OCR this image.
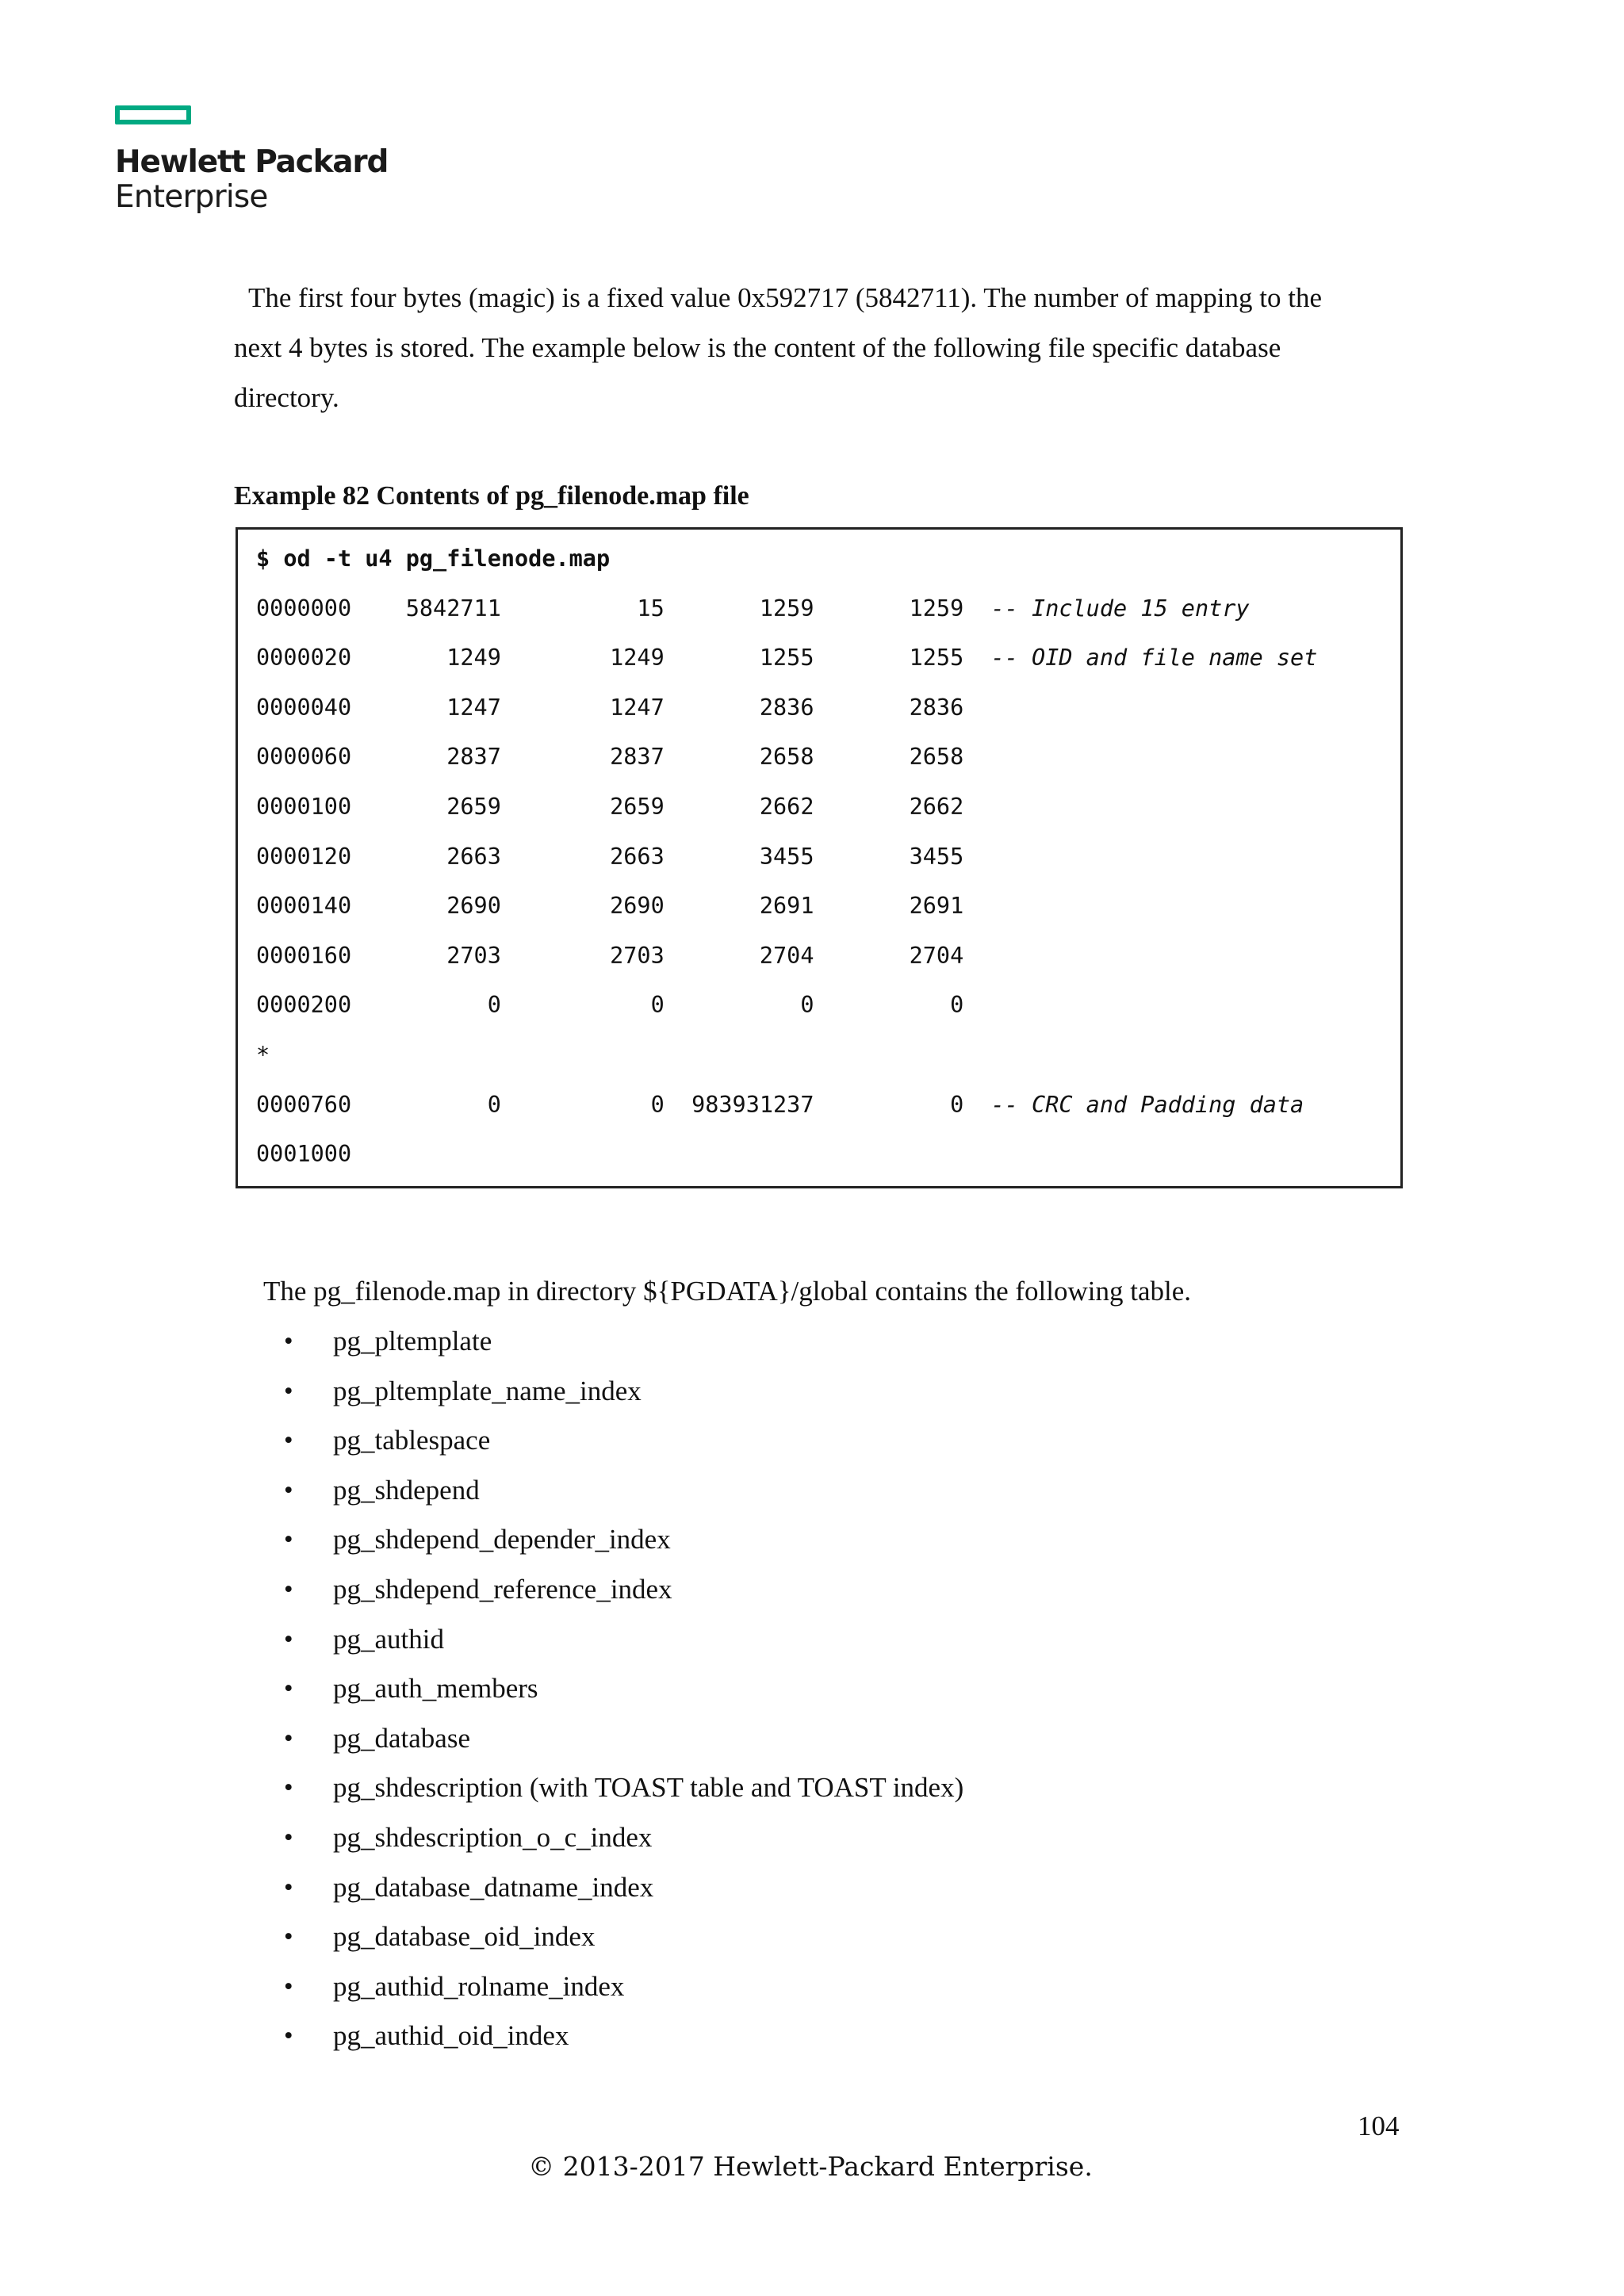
Hewlett Packard
Enterprise
The first four bytes (magic) is a fixed value 0x592717 (5842711). The number of mapping to the
next 4 bytes is stored. The example below is the content of the following file specific database
directory.
Example 82 Contents of pg_filenode.map file
$ od -t u4 pg_filenode.map
0000000    5842711          15       1259       1259  -- Include 15 entry
0000020       1249        1249       1255       1255  -- OID and file name set
0000040       1247        1247       2836       2836
0000060       2837        2837       2658       2658
0000100       2659        2659       2662       2662
0000120       2663        2663       3455       3455
0000140       2690        2690       2691       2691
0000160       2703        2703       2704       2704
0000200          0           0          0          0
*
0000760          0           0  983931237          0  -- CRC and Padding data
0001000
The pg_filenode.map in directory ${PGDATA}/global contains the following table.
• pg_pltemplate
• pg_pltemplate_name_index
• pg_tablespace
• pg_shdepend
• pg_shdepend_depender_index
• pg_shdepend_reference_index
• pg_authid
• pg_auth_members
• pg_database
• pg_shdescription (with TOAST table and TOAST index)
• pg_shdescription_o_c_index
• pg_database_datname_index
• pg_database_oid_index
• pg_authid_rolname_index
• pg_authid_oid_index
104
© 2013-2017 Hewlett-Packard Enterprise.
